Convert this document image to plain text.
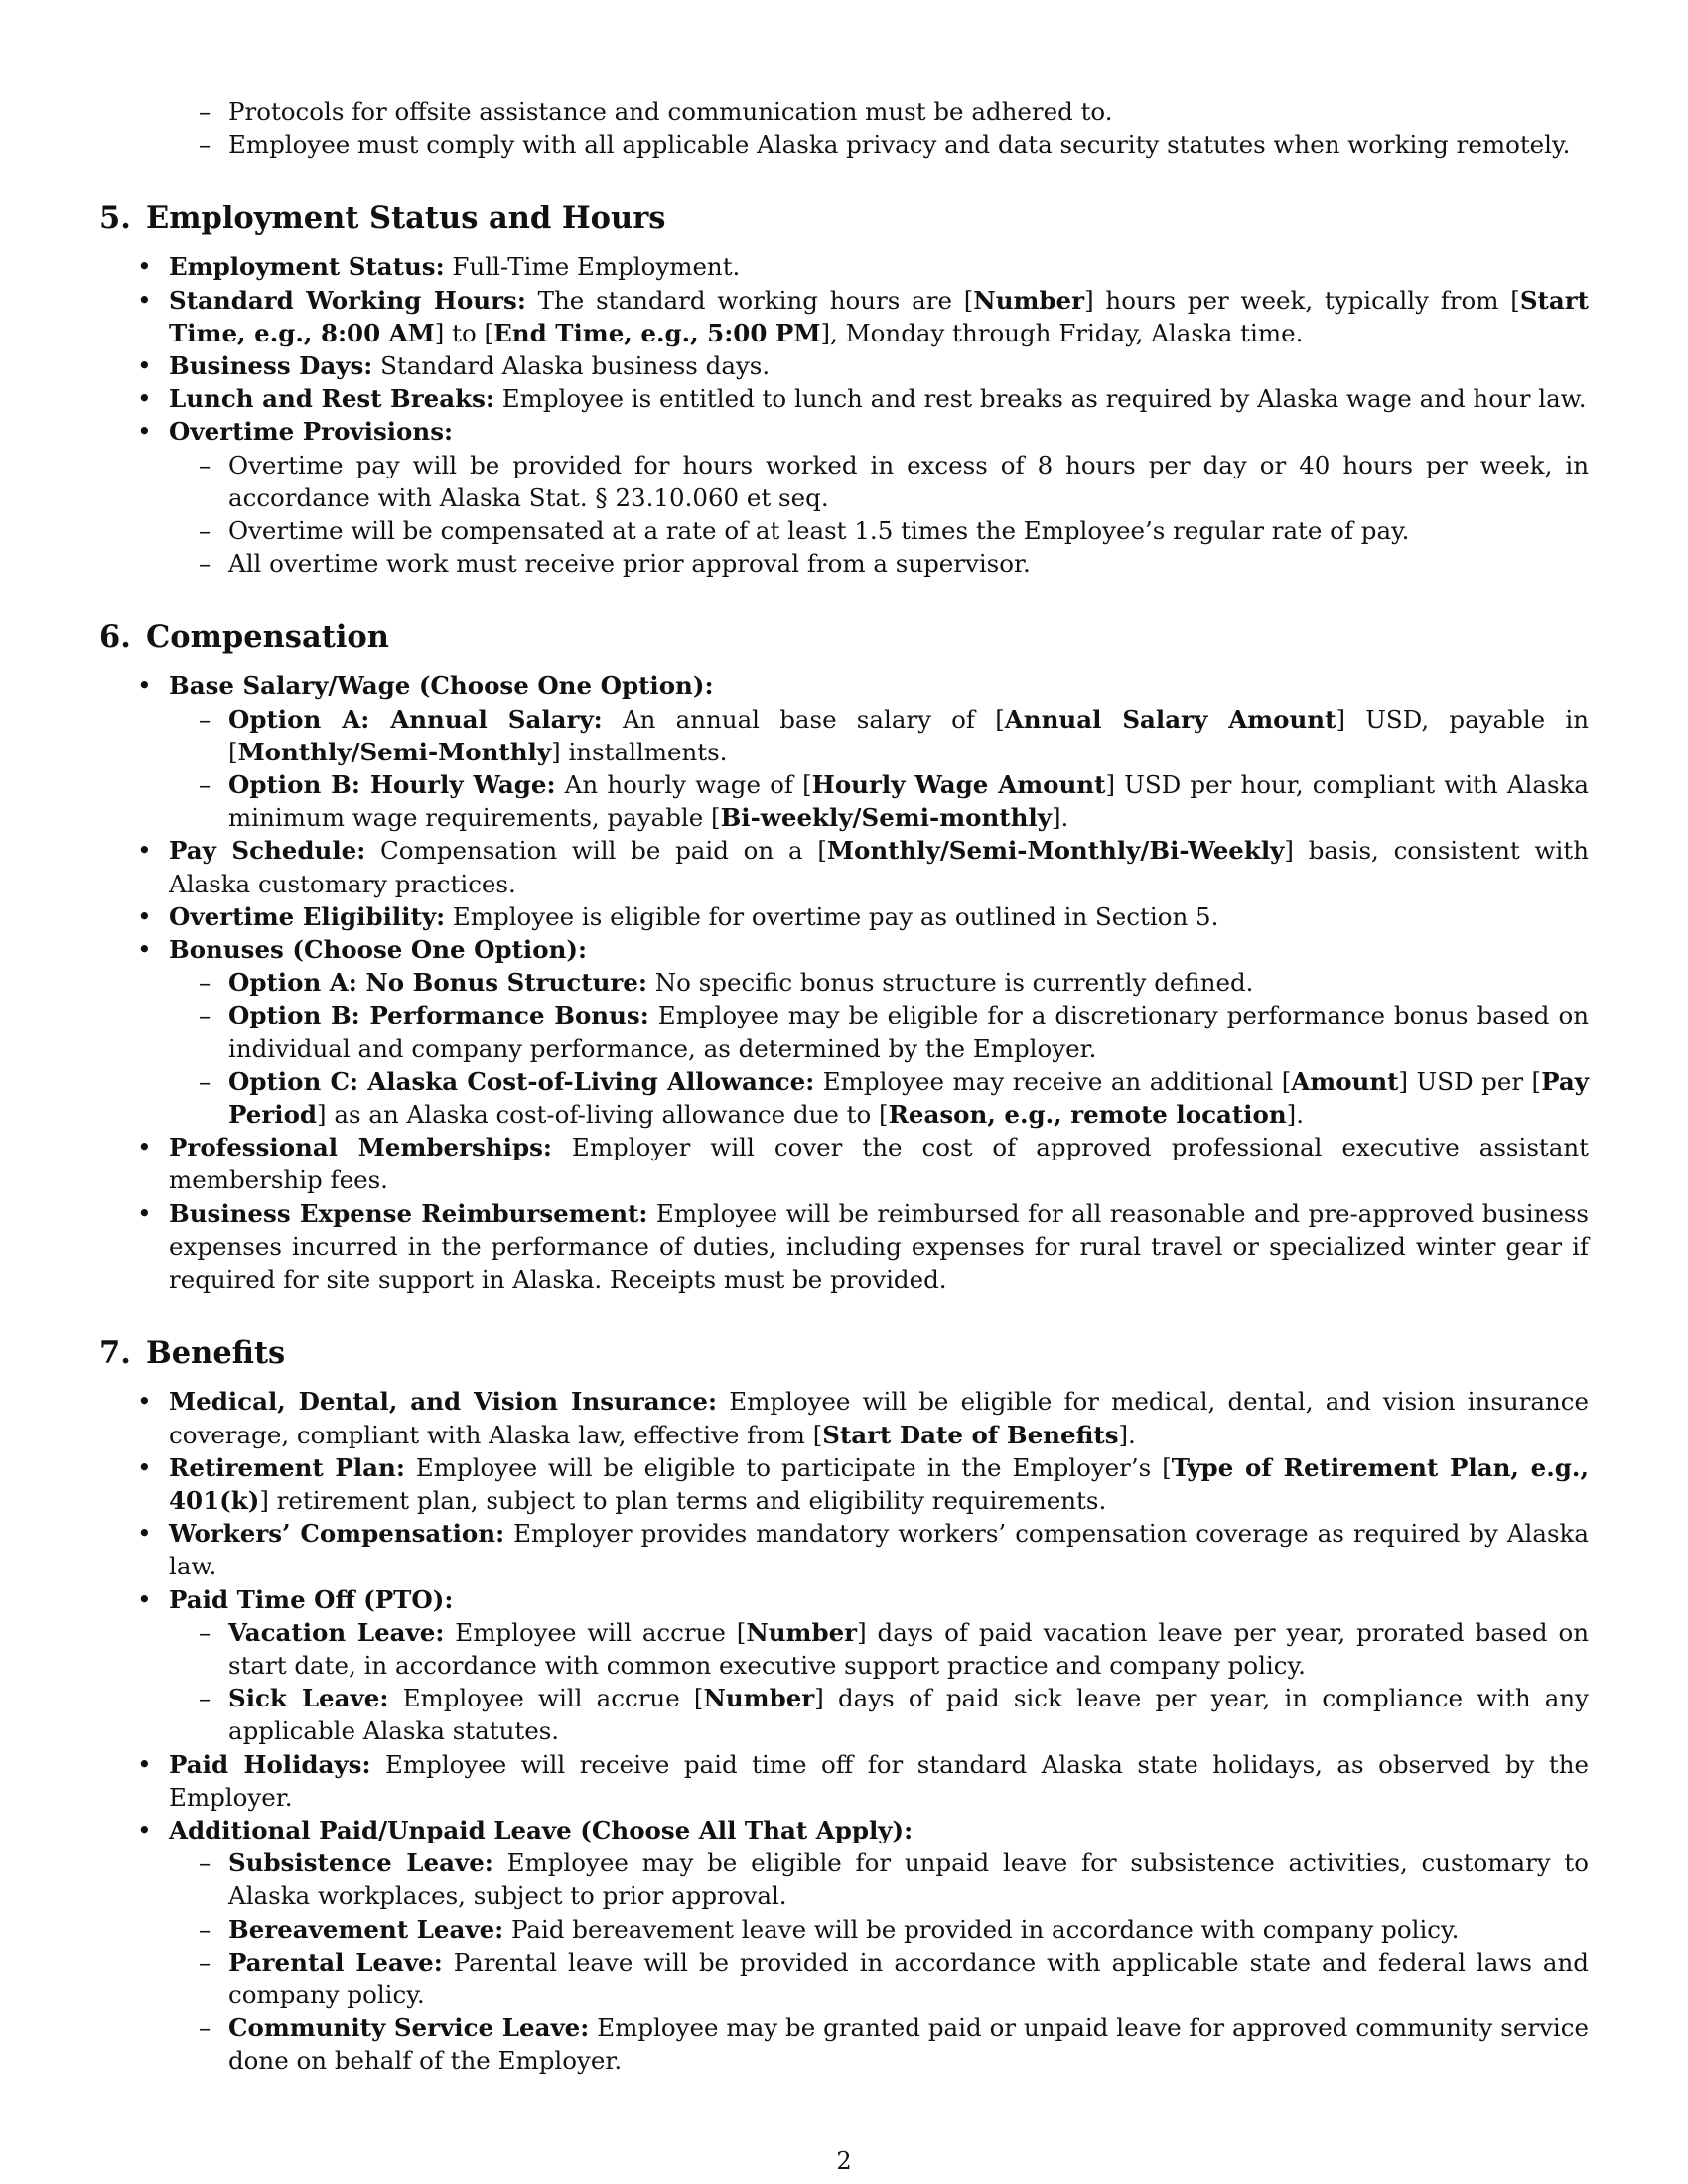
– Protocols for offsite assistance and communication must be adhered to.
– Employee must comply with all applicable Alaska privacy and data security statutes when working remotely.
5. Employment Status and Hours
• Employment Status: Full-Time Employment.
• Standard Working Hours: The standard working hours are [Number] hours per week, typically from [Start Time, e.g., 8:00 AM] to [End Time, e.g., 5:00 PM], Monday through Friday, Alaska time.
• Business Days: Standard Alaska business days.
• Lunch and Rest Breaks: Employee is entitled to lunch and rest breaks as required by Alaska wage and hour law.
• Overtime Provisions:
– Overtime pay will be provided for hours worked in excess of 8 hours per day or 40 hours per week, in accordance with Alaska Stat. § 23.10.060 et seq.
– Overtime will be compensated at a rate of at least 1.5 times the Employee’s regular rate of pay.
– All overtime work must receive prior approval from a supervisor.
6. Compensation
• Base Salary/Wage (Choose One Option):
– Option A: Annual Salary: An annual base salary of [Annual Salary Amount] USD, payable in [Monthly/Semi-Monthly] installments.
– Option B: Hourly Wage: An hourly wage of [Hourly Wage Amount] USD per hour, compliant with Alaska minimum wage requirements, payable [Bi-weekly/Semi-monthly].
• Pay Schedule: Compensation will be paid on a [Monthly/Semi-Monthly/Bi-Weekly] basis, consistent with Alaska customary practices.
• Overtime Eligibility: Employee is eligible for overtime pay as outlined in Section 5.
• Bonuses (Choose One Option):
– Option A: No Bonus Structure: No specific bonus structure is currently defined.
– Option B: Performance Bonus: Employee may be eligible for a discretionary performance bonus based on individual and company performance, as determined by the Employer.
– Option C: Alaska Cost-of-Living Allowance: Employee may receive an additional [Amount] USD per [Pay Period] as an Alaska cost-of-living allowance due to [Reason, e.g., remote location].
• Professional Memberships: Employer will cover the cost of approved professional executive assistant membership fees.
• Business Expense Reimbursement: Employee will be reimbursed for all reasonable and pre-approved business expenses incurred in the performance of duties, including expenses for rural travel or specialized winter gear if required for site support in Alaska. Receipts must be provided.
7. Benefits
• Medical, Dental, and Vision Insurance: Employee will be eligible for medical, dental, and vision insurance coverage, compliant with Alaska law, effective from [Start Date of Benefits].
• Retirement Plan: Employee will be eligible to participate in the Employer’s [Type of Retirement Plan, e.g., 401(k)] retirement plan, subject to plan terms and eligibility requirements.
• Workers’ Compensation: Employer provides mandatory workers’ compensation coverage as required by Alaska law.
• Paid Time Off (PTO):
– Vacation Leave: Employee will accrue [Number] days of paid vacation leave per year, prorated based on start date, in accordance with common executive support practice and company policy.
– Sick Leave: Employee will accrue [Number] days of paid sick leave per year, in compliance with any applicable Alaska statutes.
• Paid Holidays: Employee will receive paid time off for standard Alaska state holidays, as observed by the Employer.
• Additional Paid/Unpaid Leave (Choose All That Apply):
– Subsistence Leave: Employee may be eligible for unpaid leave for subsistence activities, customary to Alaska workplaces, subject to prior approval.
– Bereavement Leave: Paid bereavement leave will be provided in accordance with company policy.
– Parental Leave: Parental leave will be provided in accordance with applicable state and federal laws and company policy.
– Community Service Leave: Employee may be granted paid or unpaid leave for approved community service done on behalf of the Employer.
2
